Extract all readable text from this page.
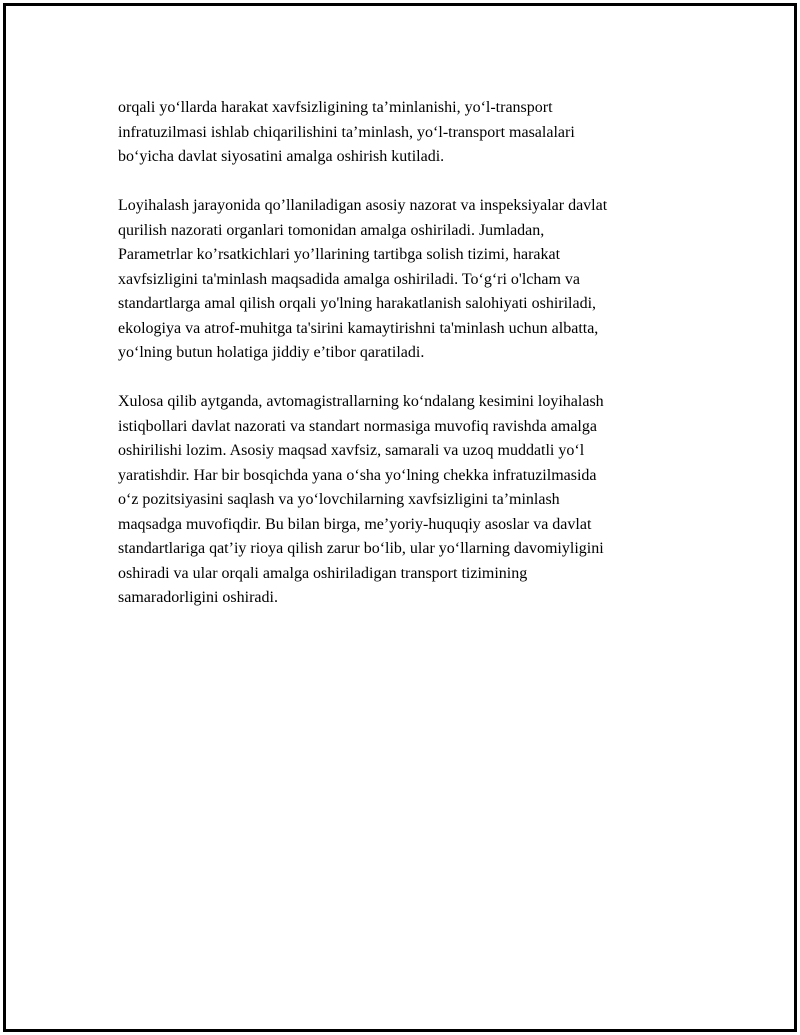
orqali yo‘llarda harakat xavfsizligining ta’minlanishi, yo‘l-transport
infratuzilmasi ishlab chiqarilishini ta’minlash, yo‘l-transport masalalari
bo‘yicha davlat siyosatini amalga oshirish kutiladi.

Loyihalash jarayonida qo’llaniladigan asosiy nazorat va inspeksiyalar davlat
qurilish nazorati organlari tomonidan amalga oshiriladi. Jumladan,
Parametrlar ko’rsatkichlari yo’llarining tartibga solish tizimi, harakat
xavfsizligini ta'minlash maqsadida amalga oshiriladi. To‘g‘ri o'lcham va
standartlarga amal qilish orqali yo'lning harakatlanish salohiyati oshiriladi,
ekologiya va atrof-muhitga ta'sirini kamaytirishni ta'minlash uchun albatta,
yo‘lning butun holatiga jiddiy e’tibor qaratiladi.

Xulosa qilib aytganda, avtomagistrallarning ko‘ndalang kesimini loyihalash
istiqbollari davlat nazorati va standart normasiga muvofiq ravishda amalga
oshirilishi lozim. Asosiy maqsad xavfsiz, samarali va uzoq muddatli yo‘l
yaratishdir. Har bir bosqichda yana o‘sha yo‘lning chekka infratuzilmasida
o‘z pozitsiyasini saqlash va yo‘lovchilarning xavfsizligini ta’minlash
maqsadga muvofiqdir. Bu bilan birga, me’yoriy-huquqiy asoslar va davlat
standartlariga qat’iy rioya qilish zarur bo‘lib, ular yo‘llarning davomiyligini
oshiradi va ular orqali amalga oshiriladigan transport tizimining
samaradorligini oshiradi.
